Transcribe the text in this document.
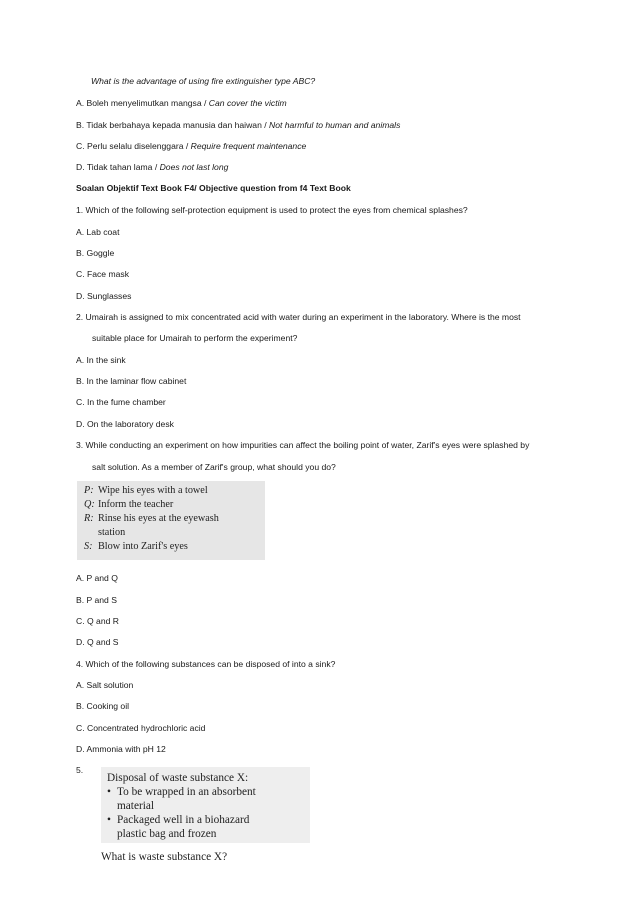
What is the advantage of using fire extinguisher type ABC?
A. Boleh menyelimutkan mangsa / Can cover the victim
B. Tidak berbahaya kepada manusia dan haiwan / Not harmful to human and animals
C. Perlu selalu diselenggara / Require frequent maintenance
D. Tidak tahan lama / Does not last long
Soalan Objektif Text Book F4/ Objective question from f4 Text Book
1. Which of the following self-protection equipment is used to protect the eyes from chemical splashes?
A. Lab coat
B. Goggle
C. Face mask
D. Sunglasses
2. Umairah is assigned to mix concentrated acid with water during an experiment in the laboratory. Where is the most
suitable place for Umairah to perform the experiment?
A. In the sink
B. In the laminar flow cabinet
C. In the fume chamber
D. On the laboratory desk
3. While conducting an experiment on how impurities can affect the boiling point of water, Zarif's eyes were splashed by
salt solution. As a member of Zarif's group, what should you do?
P: Wipe his eyes with a towel
Q: Inform the teacher
R: Rinse his eyes at the eyewash
station
S: Blow into Zarif's eyes
A. P and Q
B. P and S
C. Q and R
D. Q and S
4. Which of the following substances can be disposed of into a sink?
A. Salt solution
B. Cooking oil
C. Concentrated hydrochloric acid
D. Ammonia with pH 12
5.
Disposal of waste substance X:
• To be wrapped in an absorbent
material
• Packaged well in a biohazard
plastic bag and frozen
What is waste substance X?
